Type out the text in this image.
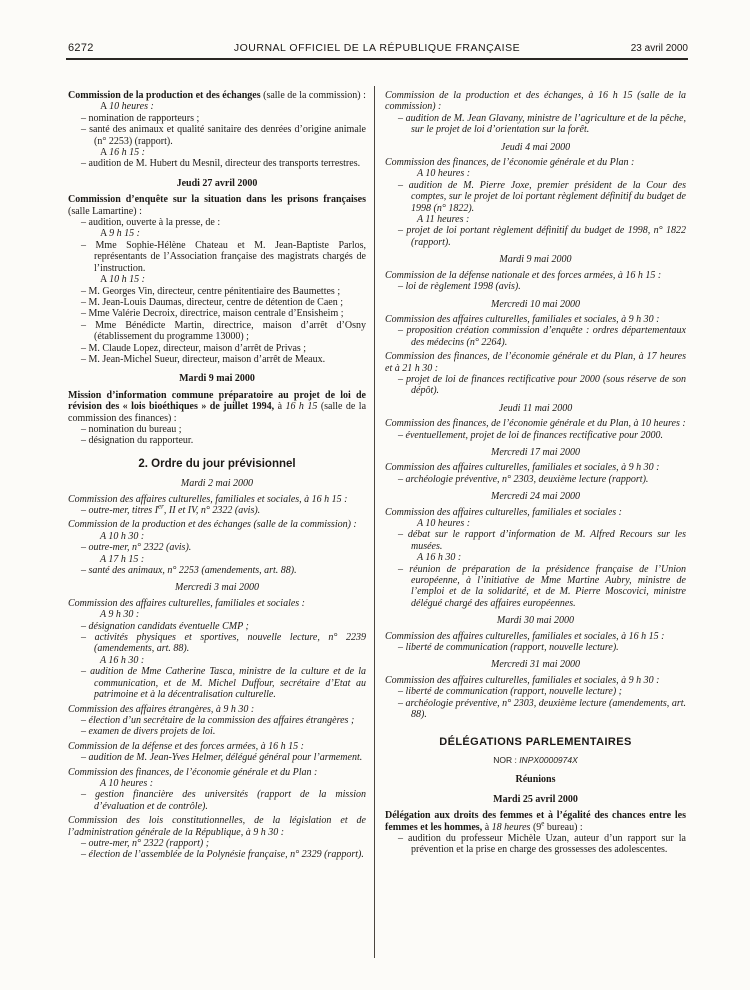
6272	JOURNAL OFFICIEL DE LA RÉPUBLIQUE FRANÇAISE	23 avril 2000

Commission de la production et des échanges (salle de la commission) :

A 10 heures :
– nomination de rapporteurs ;
– santé des animaux et qualité sanitaire des denrées d’origine animale (n° 2253) (rapport).
A 16 h 15 :
– audition de M. Hubert du Mesnil, directeur des transports terrestres.
Jeudi 27 avril 2000

Commission d’enquête sur la situation dans les prisons françaises (salle Lamartine) :

– audition, ouverte à la presse, de :
A 9 h 15 :
– Mme Sophie-Hélène Chateau et M. Jean-Baptiste Parlos, représentants de l’Association française des magistrats chargés de l’instruction.
A 10 h 15 :
– M. Georges Vin, directeur, centre pénitentiaire des Baumettes ;
– M. Jean-Louis Daumas, directeur, centre de détention de Caen ;
– Mme Valérie Decroix, directrice, maison centrale d’Ensisheim ;
– Mme Bénédicte Martin, directrice, maison d’arrêt d’Osny (établissement du programme 13000) ;
– M. Claude Lopez, directeur, maison d’arrêt de Privas ;
– M. Jean-Michel Sueur, directeur, maison d’arrêt de Meaux.
Mardi 9 mai 2000

Mission d’information commune préparatoire au projet de loi de révision des « lois bioéthiques » de juillet 1994, à 16 h 15 (salle de la commission des finances) :

– nomination du bureau ;
– désignation du rapporteur.
2. Ordre du jour prévisionnel
Mardi 2 mai 2000

Commission des affaires culturelles, familiales et sociales, à 16 h 15 :

– outre-mer, titres Ier, II et IV, n° 2322 (avis).

Commission de la production et des échanges (salle de la commission) :

A 10 h 30 :
– outre-mer, n° 2322 (avis).
A 17 h 15 :
– santé des animaux, n° 2253 (amendements, art. 88).
Mercredi 3 mai 2000

Commission des affaires culturelles, familiales et sociales :

A 9 h 30 :
– désignation candidats éventuelle CMP ;
– activités physiques et sportives, nouvelle lecture, n° 2239 (amendements, art. 88).
A 16 h 30 :
– audition de Mme Catherine Tasca, ministre de la culture et de la communication, et de M. Michel Duffour, secrétaire d’Etat au patrimoine et à la décentralisation culturelle.

Commission des affaires étrangères, à 9 h 30 :

– élection d’un secrétaire de la commission des affaires étrangères ;
– examen de divers projets de loi.

Commission de la défense et des forces armées, à 16 h 15 :

– audition de M. Jean-Yves Helmer, délégué général pour l’armement.

Commission des finances, de l’économie générale et du Plan :

A 10 heures :
– gestion financière des universités (rapport de la mission d’évaluation et de contrôle).

Commission des lois constitutionnelles, de la législation et de l’administration générale de la République, à 9 h 30 :

– outre-mer, n° 2322 (rapport) ;
– élection de l’assemblée de la Polynésie française, n° 2329 (rapport).

Commission de la production et des échanges, à 16 h 15 (salle de la commission) :

– audition de M. Jean Glavany, ministre de l’agriculture et de la pêche, sur le projet de loi d’orientation sur la forêt.
Jeudi 4 mai 2000

Commission des finances, de l’économie générale et du Plan :

A 10 heures :
– audition de M. Pierre Joxe, premier président de la Cour des comptes, sur le projet de loi portant règlement définitif du budget de 1998 (n° 1822).
A 11 heures :
– projet de loi portant règlement définitif du budget de 1998, n° 1822 (rapport).
Mardi 9 mai 2000

Commission de la défense nationale et des forces armées, à 16 h 15 :

– loi de règlement 1998 (avis).
Mercredi 10 mai 2000

Commission des affaires culturelles, familiales et sociales, à 9 h 30 :

– proposition création commission d’enquête : ordres départementaux des médecins (n° 2264).

Commission des finances, de l’économie générale et du Plan, à 17 heures et à 21 h 30 :

– projet de loi de finances rectificative pour 2000 (sous réserve de son dépôt).
Jeudi 11 mai 2000

Commission des finances, de l’économie générale et du Plan, à 10 heures :

– éventuellement, projet de loi de finances rectificative pour 2000.
Mercredi 17 mai 2000

Commission des affaires culturelles, familiales et sociales, à 9 h 30 :

– archéologie préventive, n° 2303, deuxième lecture (rapport).
Mercredi 24 mai 2000

Commission des affaires culturelles, familiales et sociales :

A 10 heures :
– débat sur le rapport d’information de M. Alfred Recours sur les musées.
A 16 h 30 :
– réunion de préparation de la présidence française de l’Union européenne, à l’initiative de Mme Martine Aubry, ministre de l’emploi et de la solidarité, et de M. Pierre Moscovici, ministre délégué chargé des affaires européennes.
Mardi 30 mai 2000

Commission des affaires culturelles, familiales et sociales, à 16 h 15 :

– liberté de communication (rapport, nouvelle lecture).
Mercredi 31 mai 2000

Commission des affaires culturelles, familiales et sociales, à 9 h 30 :

– liberté de communication (rapport, nouvelle lecture) ;
– archéologie préventive, n° 2303, deuxième lecture (amendements, art. 88).
DÉLÉGATIONS PARLEMENTAIRES
NOR : INPX0000974X
Réunions
Mardi 25 avril 2000

Délégation aux droits des femmes et à l’égalité des chances entre les femmes et les hommes, à 18 heures (9e bureau) :

– audition du professeur Michèle Uzan, auteur d’un rapport sur la prévention et la prise en charge des grossesses des adolescentes.
